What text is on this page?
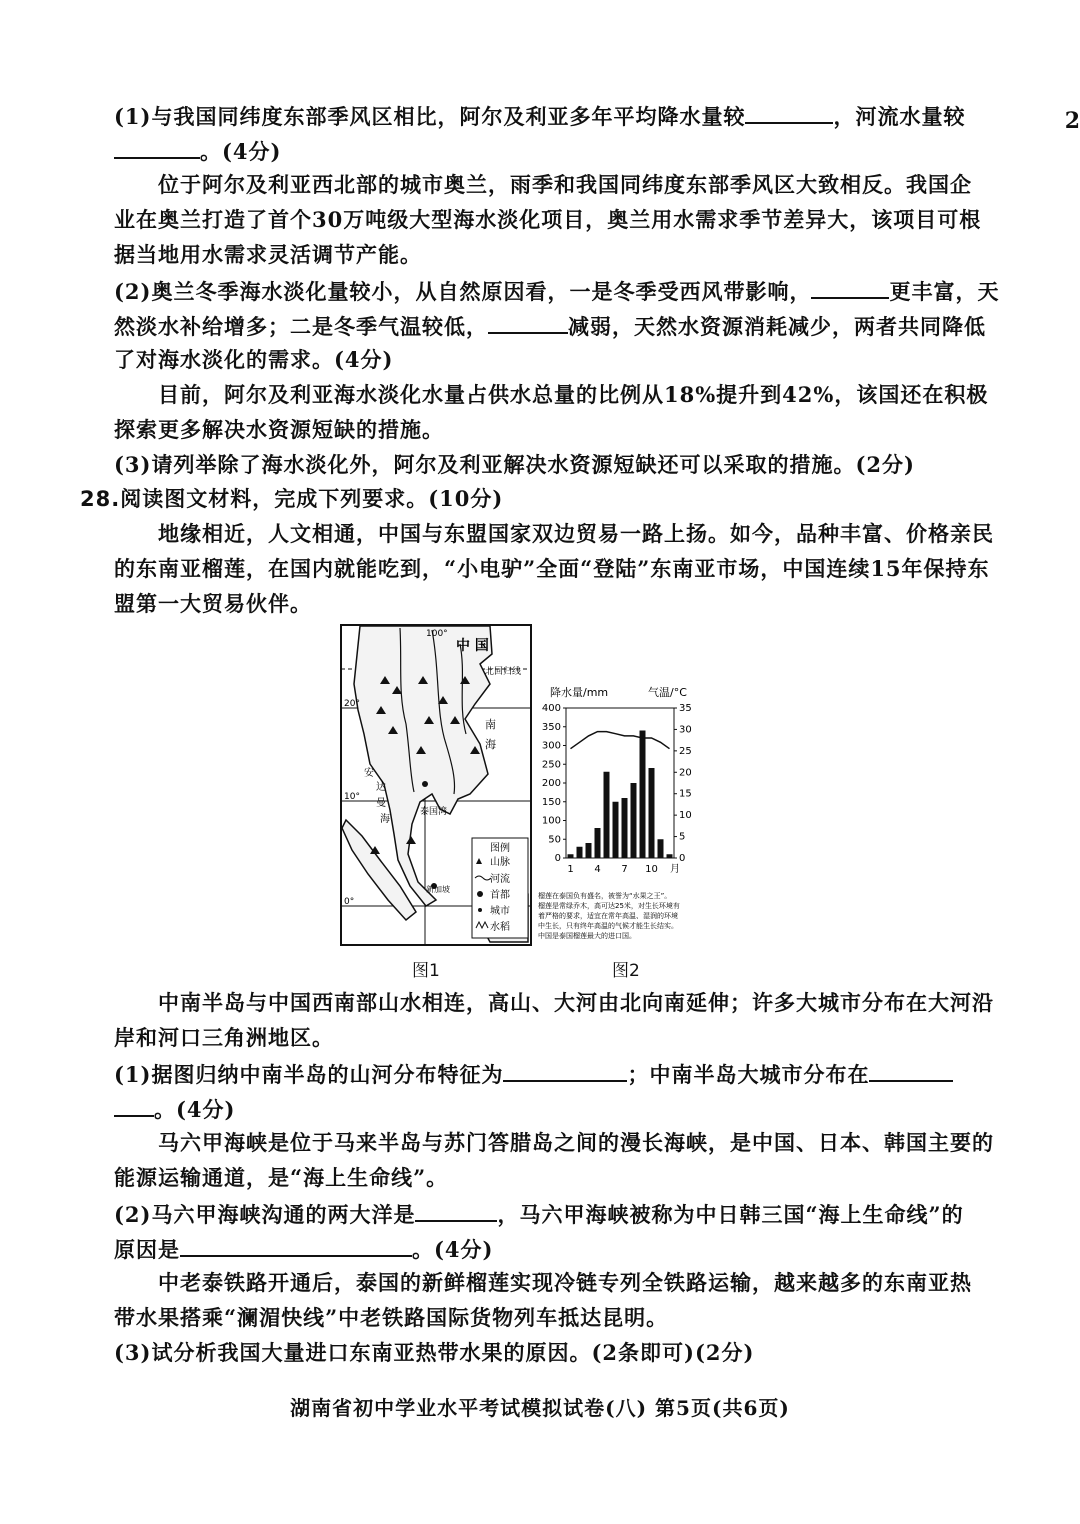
2
(1)与我国同纬度东部季风区相比，阿尔及利亚多年平均降水量较	，河流水量较
。(4分)
位于阿尔及利亚西北部的城市奥兰，雨季和我国同纬度东部季风区大致相反。我国企
业在奥兰打造了首个30万吨级大型海水淡化项目，奥兰用水需求季节差异大，该项目可根
据当地用水需求灵活调节产能。
(2)奥兰冬季海水淡化量较小，从自然原因看，一是冬季受西风带影响，	更丰富，天
然淡水补给增多；二是冬季气温较低，	减弱，天然水资源消耗减少，两者共同降低
了对海水淡化的需求。(4分)
目前，阿尔及利亚海水淡化水量占供水总量的比例从18%提升到42%，该国还在积极
探索更多解决水资源短缺的措施。
(3)请列举除了海水淡化外，阿尔及利亚解决水资源短缺还可以采取的措施。(2分)
28.阅读图文材料，完成下列要求。(10分)
地缘相近，人文相通，中国与东盟国家双边贸易一路上扬。如今，品种丰富、价格亲民
的东南亚榴莲，在国内就能吃到，“小电驴”全面“登陆”东南亚市场，中国连续15年保持东
盟第一大贸易伙伴。
中 国
北回归线
100°
20°
10°
0°
南
海
安
达
曼
海
泰国湾
新加坡
图例
山脉
河流
首都
城市
水稻
降水量/mm	气温/°C
0
50
100
150
200
250
300
350
400
0
5
10
15
20
25
30
35
1 4 7 10 月
榴莲在泰国负有盛名，被誉为“水果之王”。
榴莲是常绿乔木，高可达25米，对生长环境有
着严格的要求，适宜在常年高温、湿润的环境
中生长，只有终年高温的气候才能生长结实。
中国是泰国榴莲最大的进口国。
图1	图2
中南半岛与中国西南部山水相连，高山、大河由北向南延伸；许多大城市分布在大河沿
岸和河口三角洲地区。
(1)据图归纳中南半岛的山河分布特征为	；中南半岛大城市分布在
。(4分)
马六甲海峡是位于马来半岛与苏门答腊岛之间的漫长海峡，是中国、日本、韩国主要的
能源运输通道，是“海上生命线”。
(2)马六甲海峡沟通的两大洋是	，马六甲海峡被称为中日韩三国“海上生命线”的
原因是	。(4分)
中老泰铁路开通后，泰国的新鲜榴莲实现冷链专列全铁路运输，越来越多的东南亚热
带水果搭乘“澜湄快线”中老铁路国际货物列车抵达昆明。
(3)试分析我国大量进口东南亚热带水果的原因。(2条即可)(2分)
湖南省初中学业水平考试模拟试卷(八) 第5页(共6页)
